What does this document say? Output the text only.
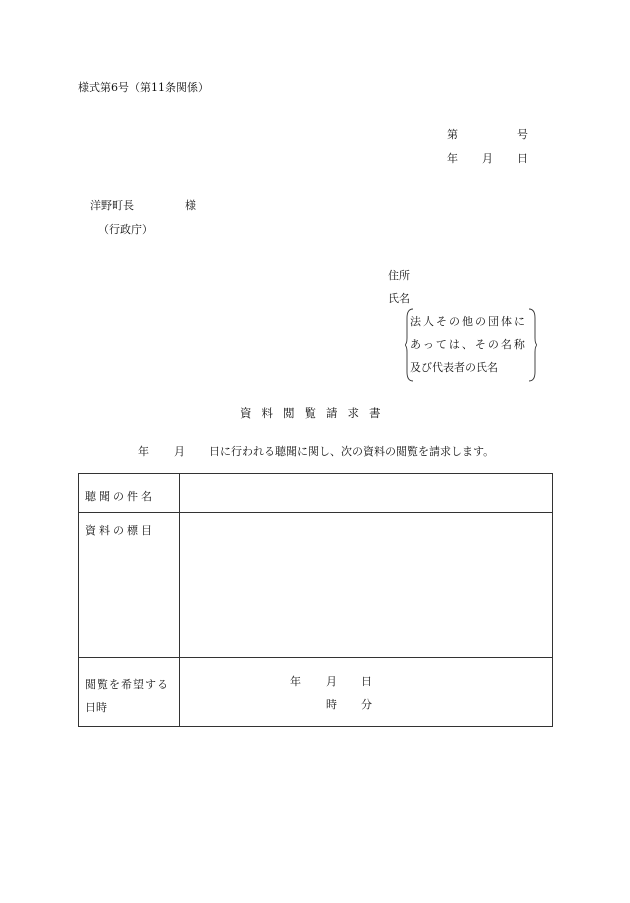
様式第6号（第11条関係）
第	号
年 月 日
洋野町長	様
（行政庁）
住所
氏名
法人その他の団体に
あっては、その名称
及び代表者の氏名
資料閲覧請求書
年 月 日に行われる聴聞に関し、次の資料の閲覧を請求します。
聴聞の件名
資料の標目
閲覧を希望する
日時
年 月 日
時 分
